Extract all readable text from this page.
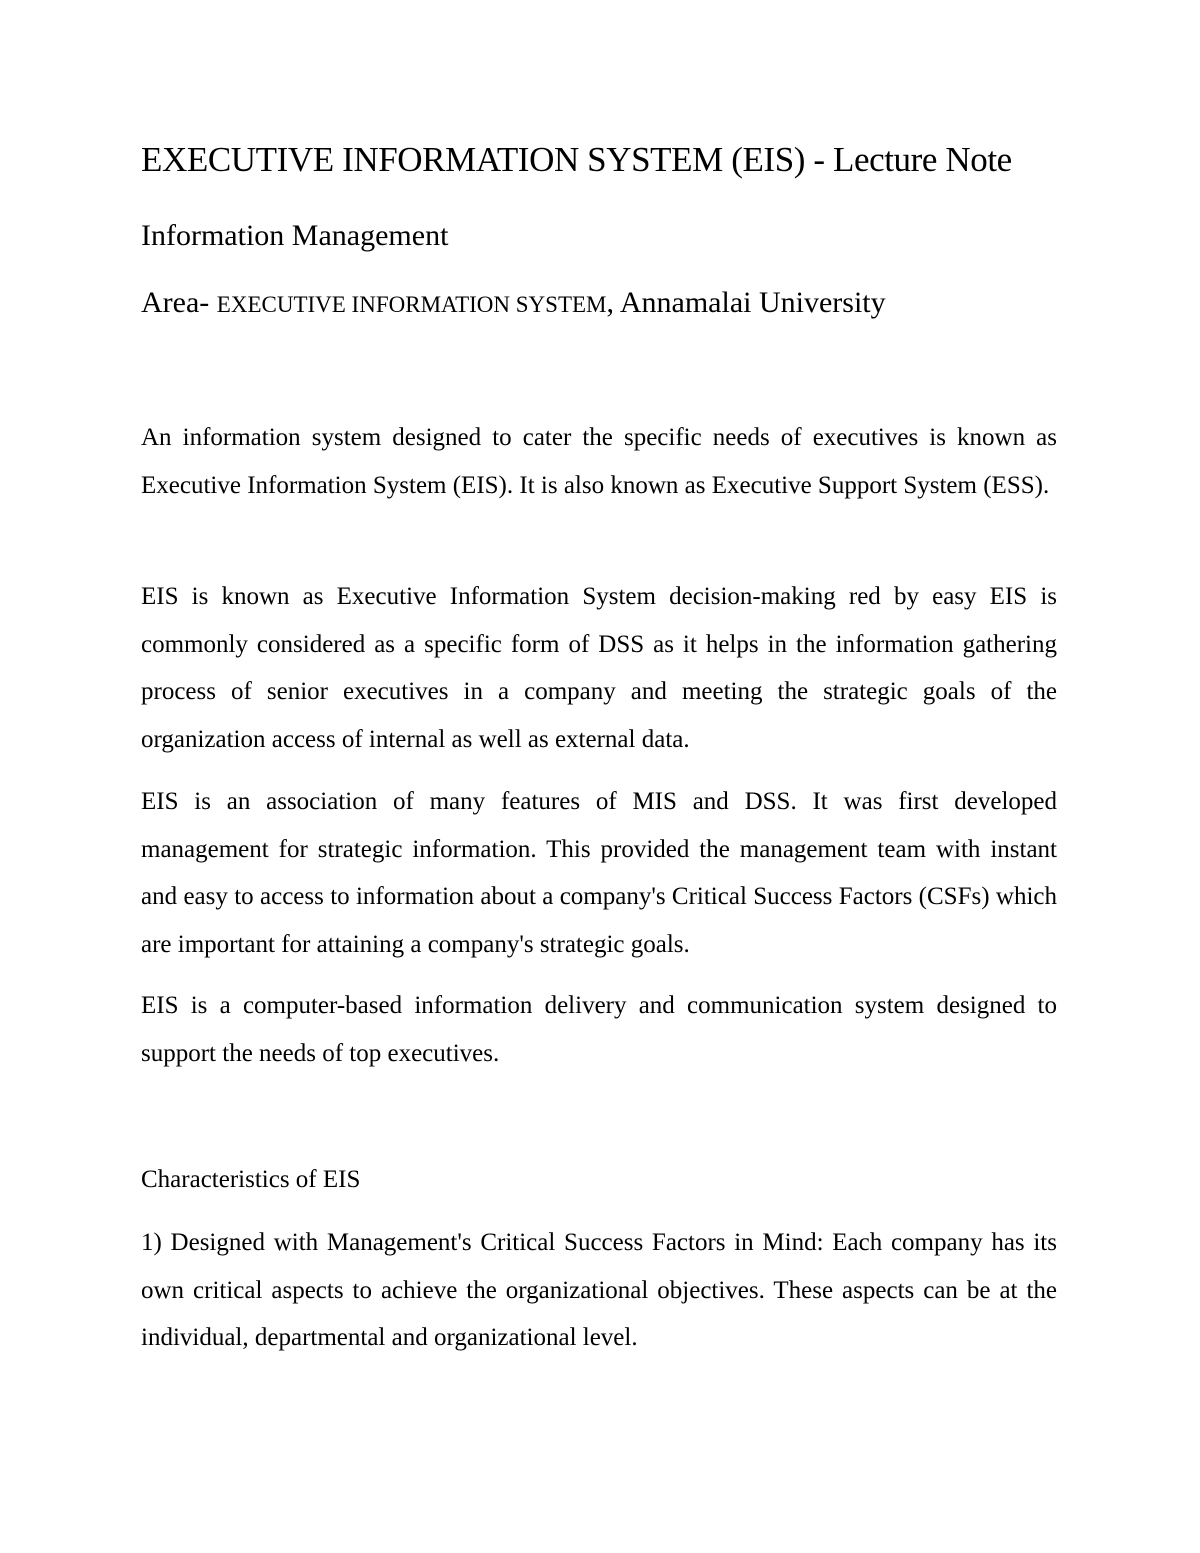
EXECUTIVE INFORMATION SYSTEM (EIS) - Lecture Note
Information Management
Area- EXECUTIVE INFORMATION SYSTEM, Annamalai University

An information system designed to cater the specific needs of executives is known as Executive Information System (EIS). It is also known as Executive Support System (ESS).

EIS is known as Executive Information System decision-making red by easy EIS is commonly considered as a specific form of DSS as it helps in the information gathering process of senior executives in a company and meeting the strategic goals of the organization access of internal as well as external data.

EIS is an association of many features of MIS and DSS. It was first developed management for strategic information. This provided the management team with instant and easy to access to information about a company's Critical Success Factors (CSFs) which are important for attaining a company's strategic goals.

EIS is a computer-based information delivery and communication system designed to support the needs of top executives.

Characteristics of EIS

1) Designed with Management's Critical Success Factors in Mind: Each company has its own critical aspects to achieve the organizational objectives. These aspects can be at the individual, departmental and organizational level.
